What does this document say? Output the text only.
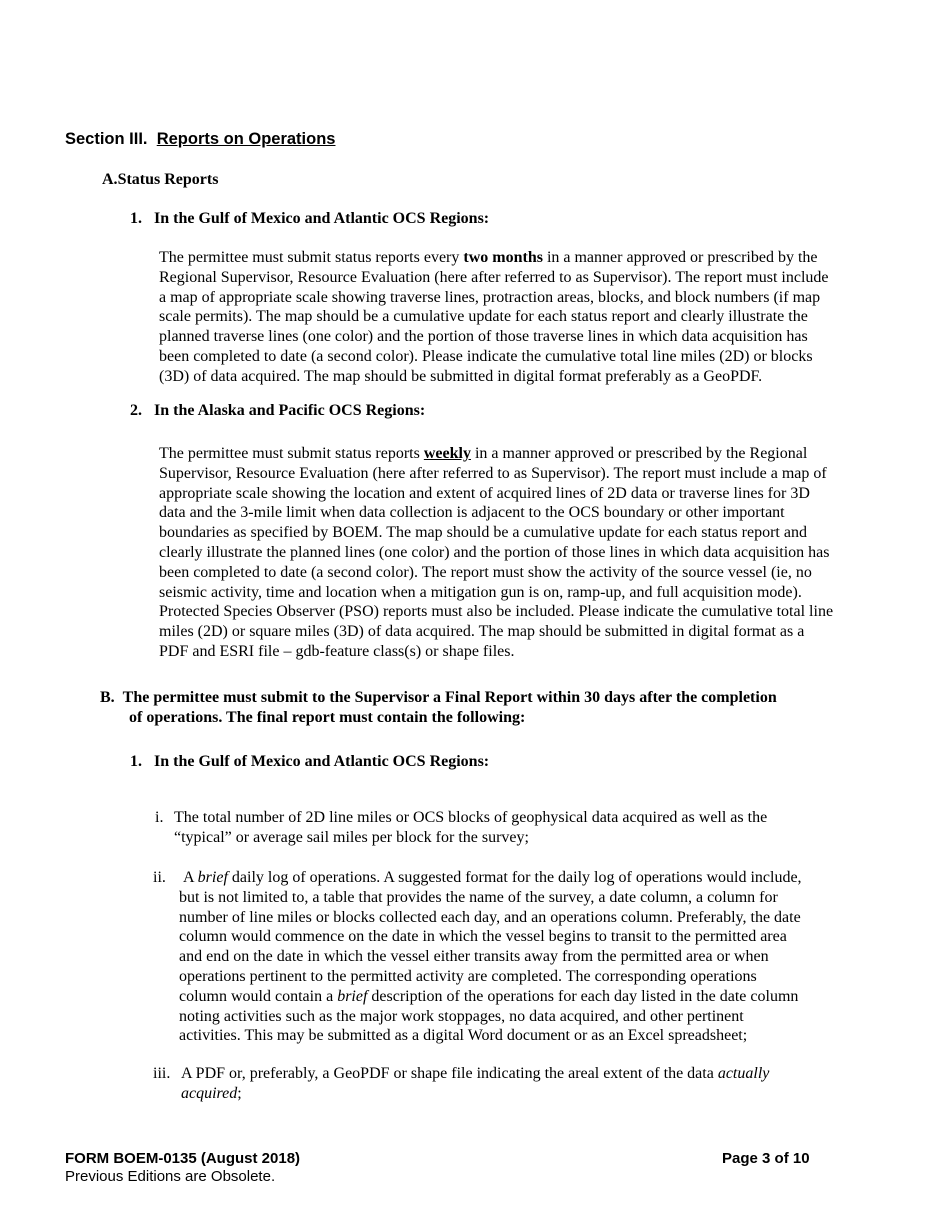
Section III. Reports on Operations
A.Status Reports
1. In the Gulf of Mexico and Atlantic OCS Regions:
The permittee must submit status reports every two months in a manner approved or prescribed by the
Regional Supervisor, Resource Evaluation (here after referred to as Supervisor). The report must include
a map of appropriate scale showing traverse lines, protraction areas, blocks, and block numbers (if map
scale permits). The map should be a cumulative update for each status report and clearly illustrate the
planned traverse lines (one color) and the portion of those traverse lines in which data acquisition has
been completed to date (a second color). Please indicate the cumulative total line miles (2D) or blocks
(3D) of data acquired. The map should be submitted in digital format preferably as a GeoPDF.
2. In the Alaska and Pacific OCS Regions:
The permittee must submit status reports weekly in a manner approved or prescribed by the Regional
Supervisor, Resource Evaluation (here after referred to as Supervisor). The report must include a map of
appropriate scale showing the location and extent of acquired lines of 2D data or traverse lines for 3D
data and the 3-mile limit when data collection is adjacent to the OCS boundary or other important
boundaries as specified by BOEM. The map should be a cumulative update for each status report and
clearly illustrate the planned lines (one color) and the portion of those lines in which data acquisition has
been completed to date (a second color). The report must show the activity of the source vessel (ie, no
seismic activity, time and location when a mitigation gun is on, ramp-up, and full acquisition mode).
Protected Species Observer (PSO) reports must also be included. Please indicate the cumulative total line
miles (2D) or square miles (3D) of data acquired. The map should be submitted in digital format as a
PDF and ESRI file – gdb-feature class(s) or shape files.
B. The permittee must submit to the Supervisor a Final Report within 30 days after the completion
of operations. The final report must contain the following:
1. In the Gulf of Mexico and Atlantic OCS Regions:
i. The total number of 2D line miles or OCS blocks of geophysical data acquired as well as the
“typical” or average sail miles per block for the survey;
ii. A brief daily log of operations. A suggested format for the daily log of operations would include,
but is not limited to, a table that provides the name of the survey, a date column, a column for
number of line miles or blocks collected each day, and an operations column. Preferably, the date
column would commence on the date in which the vessel begins to transit to the permitted area
and end on the date in which the vessel either transits away from the permitted area or when
operations pertinent to the permitted activity are completed. The corresponding operations
column would contain a brief description of the operations for each day listed in the date column
noting activities such as the major work stoppages, no data acquired, and other pertinent
activities. This may be submitted as a digital Word document or as an Excel spreadsheet;
iii. A PDF or, preferably, a GeoPDF or shape file indicating the areal extent of the data actually
acquired;
FORM BOEM-0135 (August 2018)	Page 3 of 10
Previous Editions are Obsolete.
